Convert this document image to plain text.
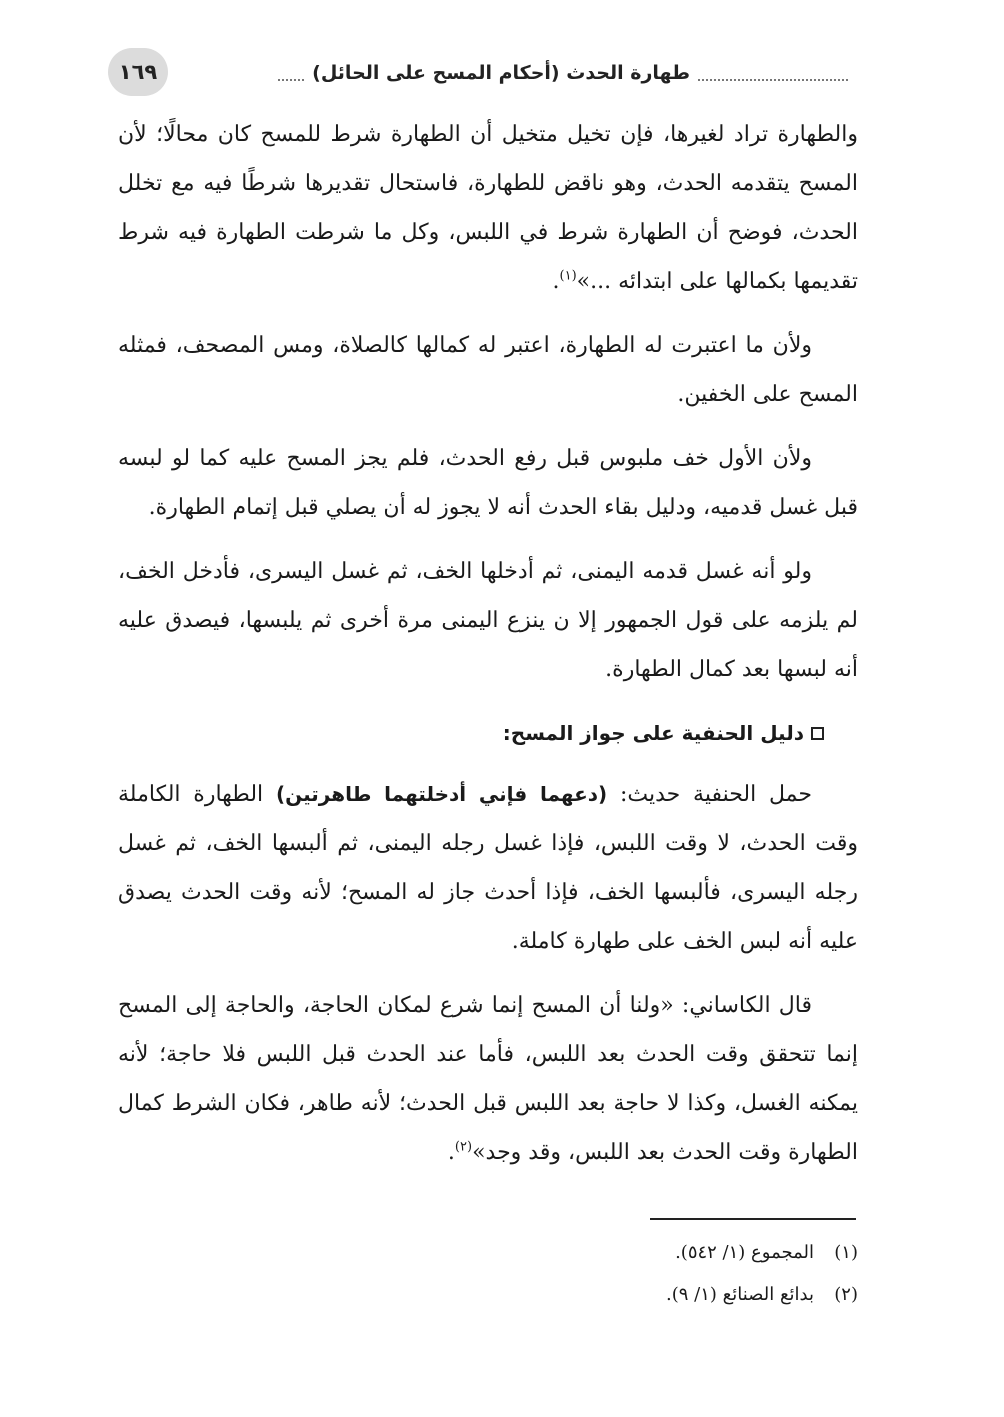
١٦٩	طهارة الحدث (أحكام المسح على الحائل)

والطهارة تراد لغيرها، فإن تخيل متخيل أن الطهارة شرط للمسح كان محالًا؛ لأن المسح يتقدمه الحدث، وهو ناقض للطهارة، فاستحال تقديرها شرطًا فيه مع تخلل الحدث، فوضح أن الطهارة شرط في اللبس، وكل ما شرطت الطهارة فيه شرط تقديمها بكمالها على ابتدائه ...»$^{(١)}$.

ولأن ما اعتبرت له الطهارة، اعتبر له كمالها كالصلاة، ومس المصحف، فمثله المسح على الخفين.

ولأن الأول خف ملبوس قبل رفع الحدث، فلم يجز المسح عليه كما لو لبسه قبل غسل قدميه، ودليل بقاء الحدث أنه لا يجوز له أن يصلي قبل إتمام الطهارة.

ولو أنه غسل قدمه اليمنى، ثم أدخلها الخف، ثم غسل اليسرى، فأدخل الخف، لم يلزمه على قول الجمهور إلا ن ينزع اليمنى مرة أخرى ثم يلبسها، فيصدق عليه أنه لبسها بعد كمال الطهارة.

دليل الحنفية على جواز المسح:

حمل الحنفية حديث: (دعهما فإني أدخلتهما طاهرتين) الطهارة الكاملة وقت الحدث، لا وقت اللبس، فإذا غسل رجله اليمنى، ثم ألبسها الخف، ثم غسل رجله اليسرى، فألبسها الخف، فإذا أحدث جاز له المسح؛ لأنه وقت الحدث يصدق عليه أنه لبس الخف على طهارة كاملة.

قال الكاساني: «ولنا أن المسح إنما شرع لمكان الحاجة، والحاجة إلى المسح إنما تتحقق وقت الحدث بعد اللبس، فأما عند الحدث قبل اللبس فلا حاجة؛ لأنه يمكنه الغسل، وكذا لا حاجة بعد اللبس قبل الحدث؛ لأنه طاهر، فكان الشرط كمال الطهارة وقت الحدث بعد اللبس، وقد وجد»$^{(٢)}$.

(١)
المجموع (١/ ٥٤٢).
(٢)
بدائع الصنائع (١/ ٩).
